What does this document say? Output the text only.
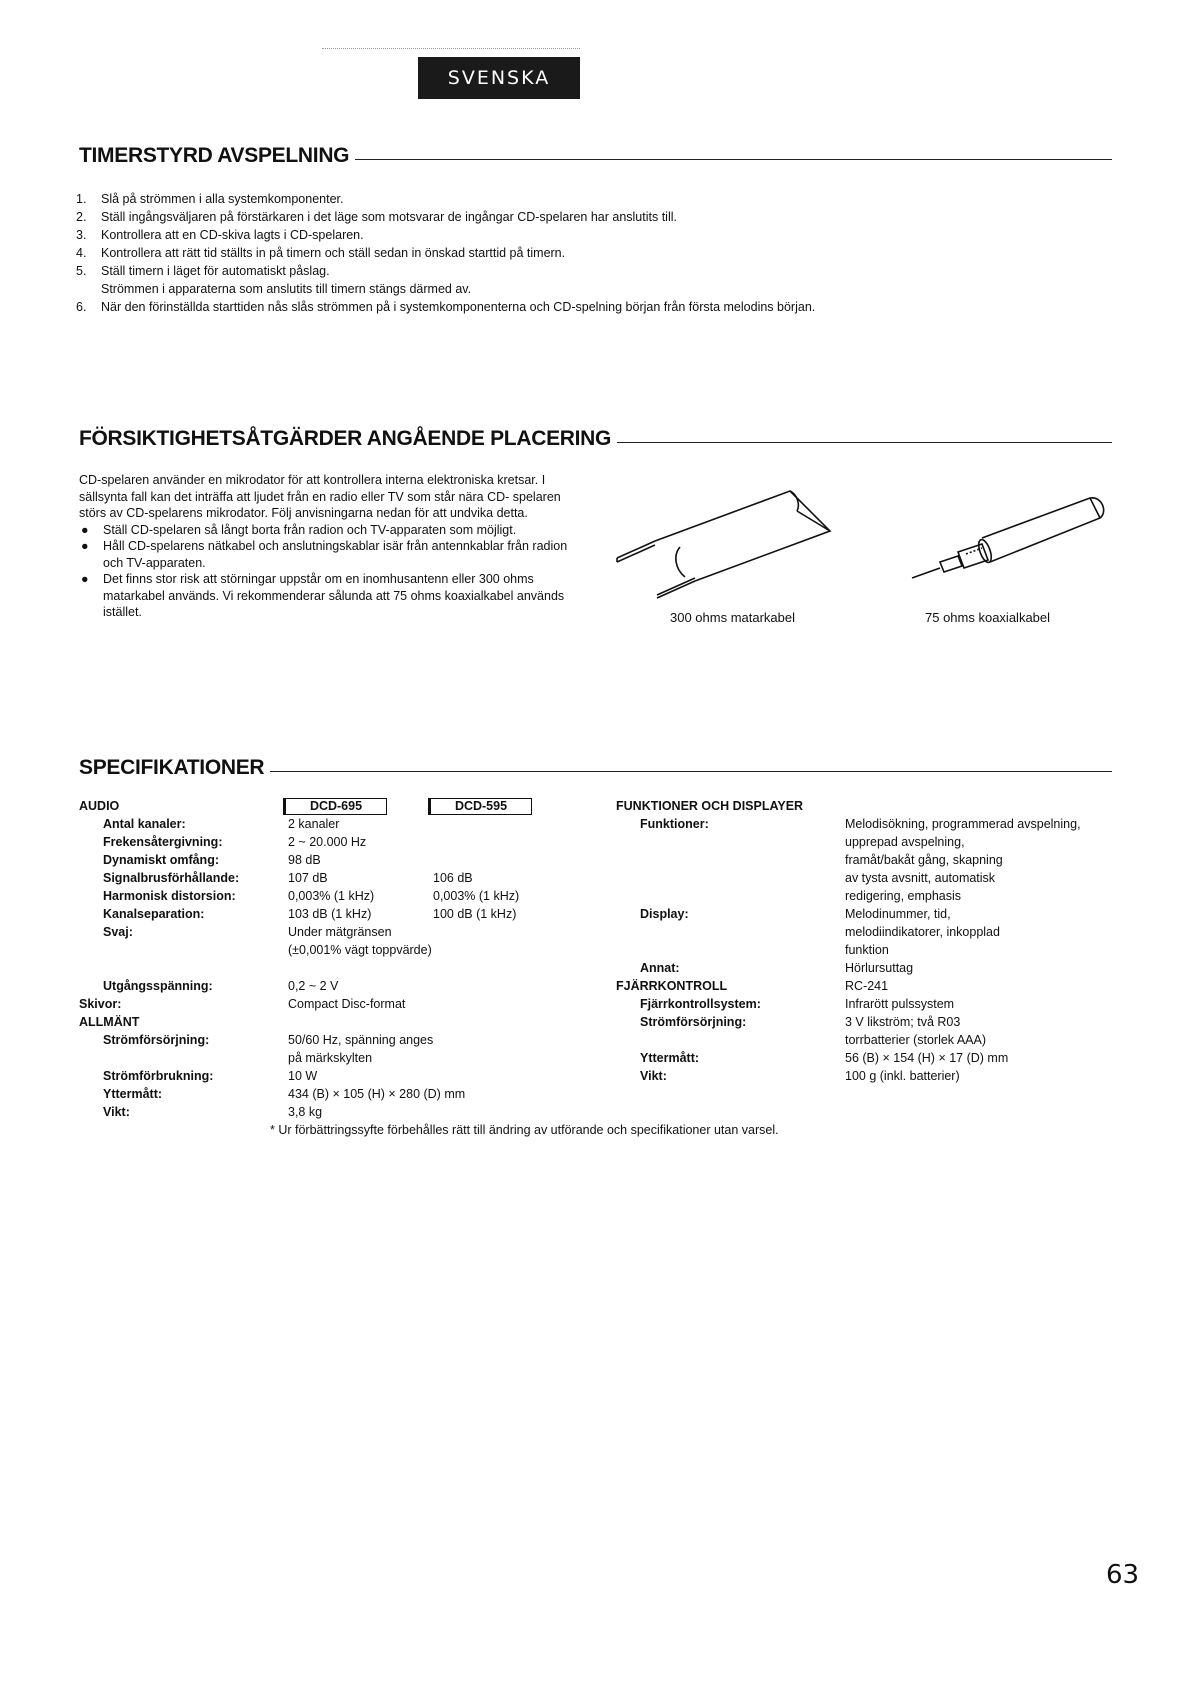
SVENSKA
TIMERSTYRD AVSPELNING
1.	Slå på strömmen i alla systemkomponenter.
2.	Ställ ingångsväljaren på förstärkaren i det läge som motsvarar de ingångar CD-spelaren har anslutits till.
3.	Kontrollera att en CD-skiva lagts i CD-spelaren.
4.	Kontrollera att rätt tid ställts in på timern och ställ sedan in önskad starttid på timern.
5.	Ställ timern i läget för automatiskt påslag.
Strömmen i apparaterna som anslutits till timern stängs därmed av.
6.	När den förinställda starttiden nås slås strömmen på i systemkomponenterna och CD-spelning början från första melodins början.
FÖRSIKTIGHETSÅTGÄRDER ANGÅENDE PLACERING
CD-spelaren använder en mikrodator för att kontrollera interna elektroniska kretsar. I sällsynta fall kan det inträffa att ljudet från en radio eller TV som står nära CD- spelaren störs av CD-spelarens mikrodator. Följ anvisningarna nedan för att undvika detta.
● Ställ CD-spelaren så långt borta från radion och TV-apparaten som möjligt.
● Håll CD-spelarens nätkabel och anslutningskablar isär från antennkablar från radion och TV-apparaten.
● Det finns stor risk att störningar uppstår om en inomhusantenn eller 300 ohms matarkabel används. Vi rekommenderar sålunda att 75 ohms koaxialkabel används istället.	300 ohms matarkabel	75 ohms koaxialkabel
SPECIFIKATIONER
AUDIO	DCD-695	DCD-595
Antal kanaler:	2 kanaler
Frekensåtergivning:	2 ~ 20.000 Hz
Dynamiskt omfång:	98 dB
Signalbrusförhållande:	107 dB	106 dB
Harmonisk distorsion:	0,003% (1 kHz)	0,003% (1 kHz)
Kanalseparation:	103 dB (1 kHz)	100 dB (1 kHz)
Svaj:	Under mätgränsen
(±0,001% vägt toppvärde)
Utgångsspänning:	0,2 ~ 2 V
Skivor:	Compact Disc-format
ALLMÄNT
Strömförsörjning:	50/60 Hz, spänning anges
på märkskylten
Strömförbrukning:	10 W
Yttermått:	434 (B) × 105 (H) × 280 (D) mm
Vikt:	3,8 kg
FUNKTIONER OCH DISPLAYER
Funktioner:	Melodisökning, programmerad avspelning,
upprepad avspelning,
framåt/bakåt gång, skapning
av tysta avsnitt, automatisk
redigering, emphasis
Display:	Melodinummer, tid,
melodiindikatorer, inkopplad
funktion
Annat:	Hörlursuttag
FJÄRRKONTROLL	RC-241
Fjärrkontrollsystem:	Infrarött pulssystem
Strömförsörjning:	3 V likström; två R03
torrbatterier (storlek AAA)
Yttermått:	56 (B) × 154 (H) × 17 (D) mm
Vikt:	100 g (inkl. batterier)
* Ur förbättringssyfte förbehålles rätt till ändring av utförande och specifikationer utan varsel.
63
